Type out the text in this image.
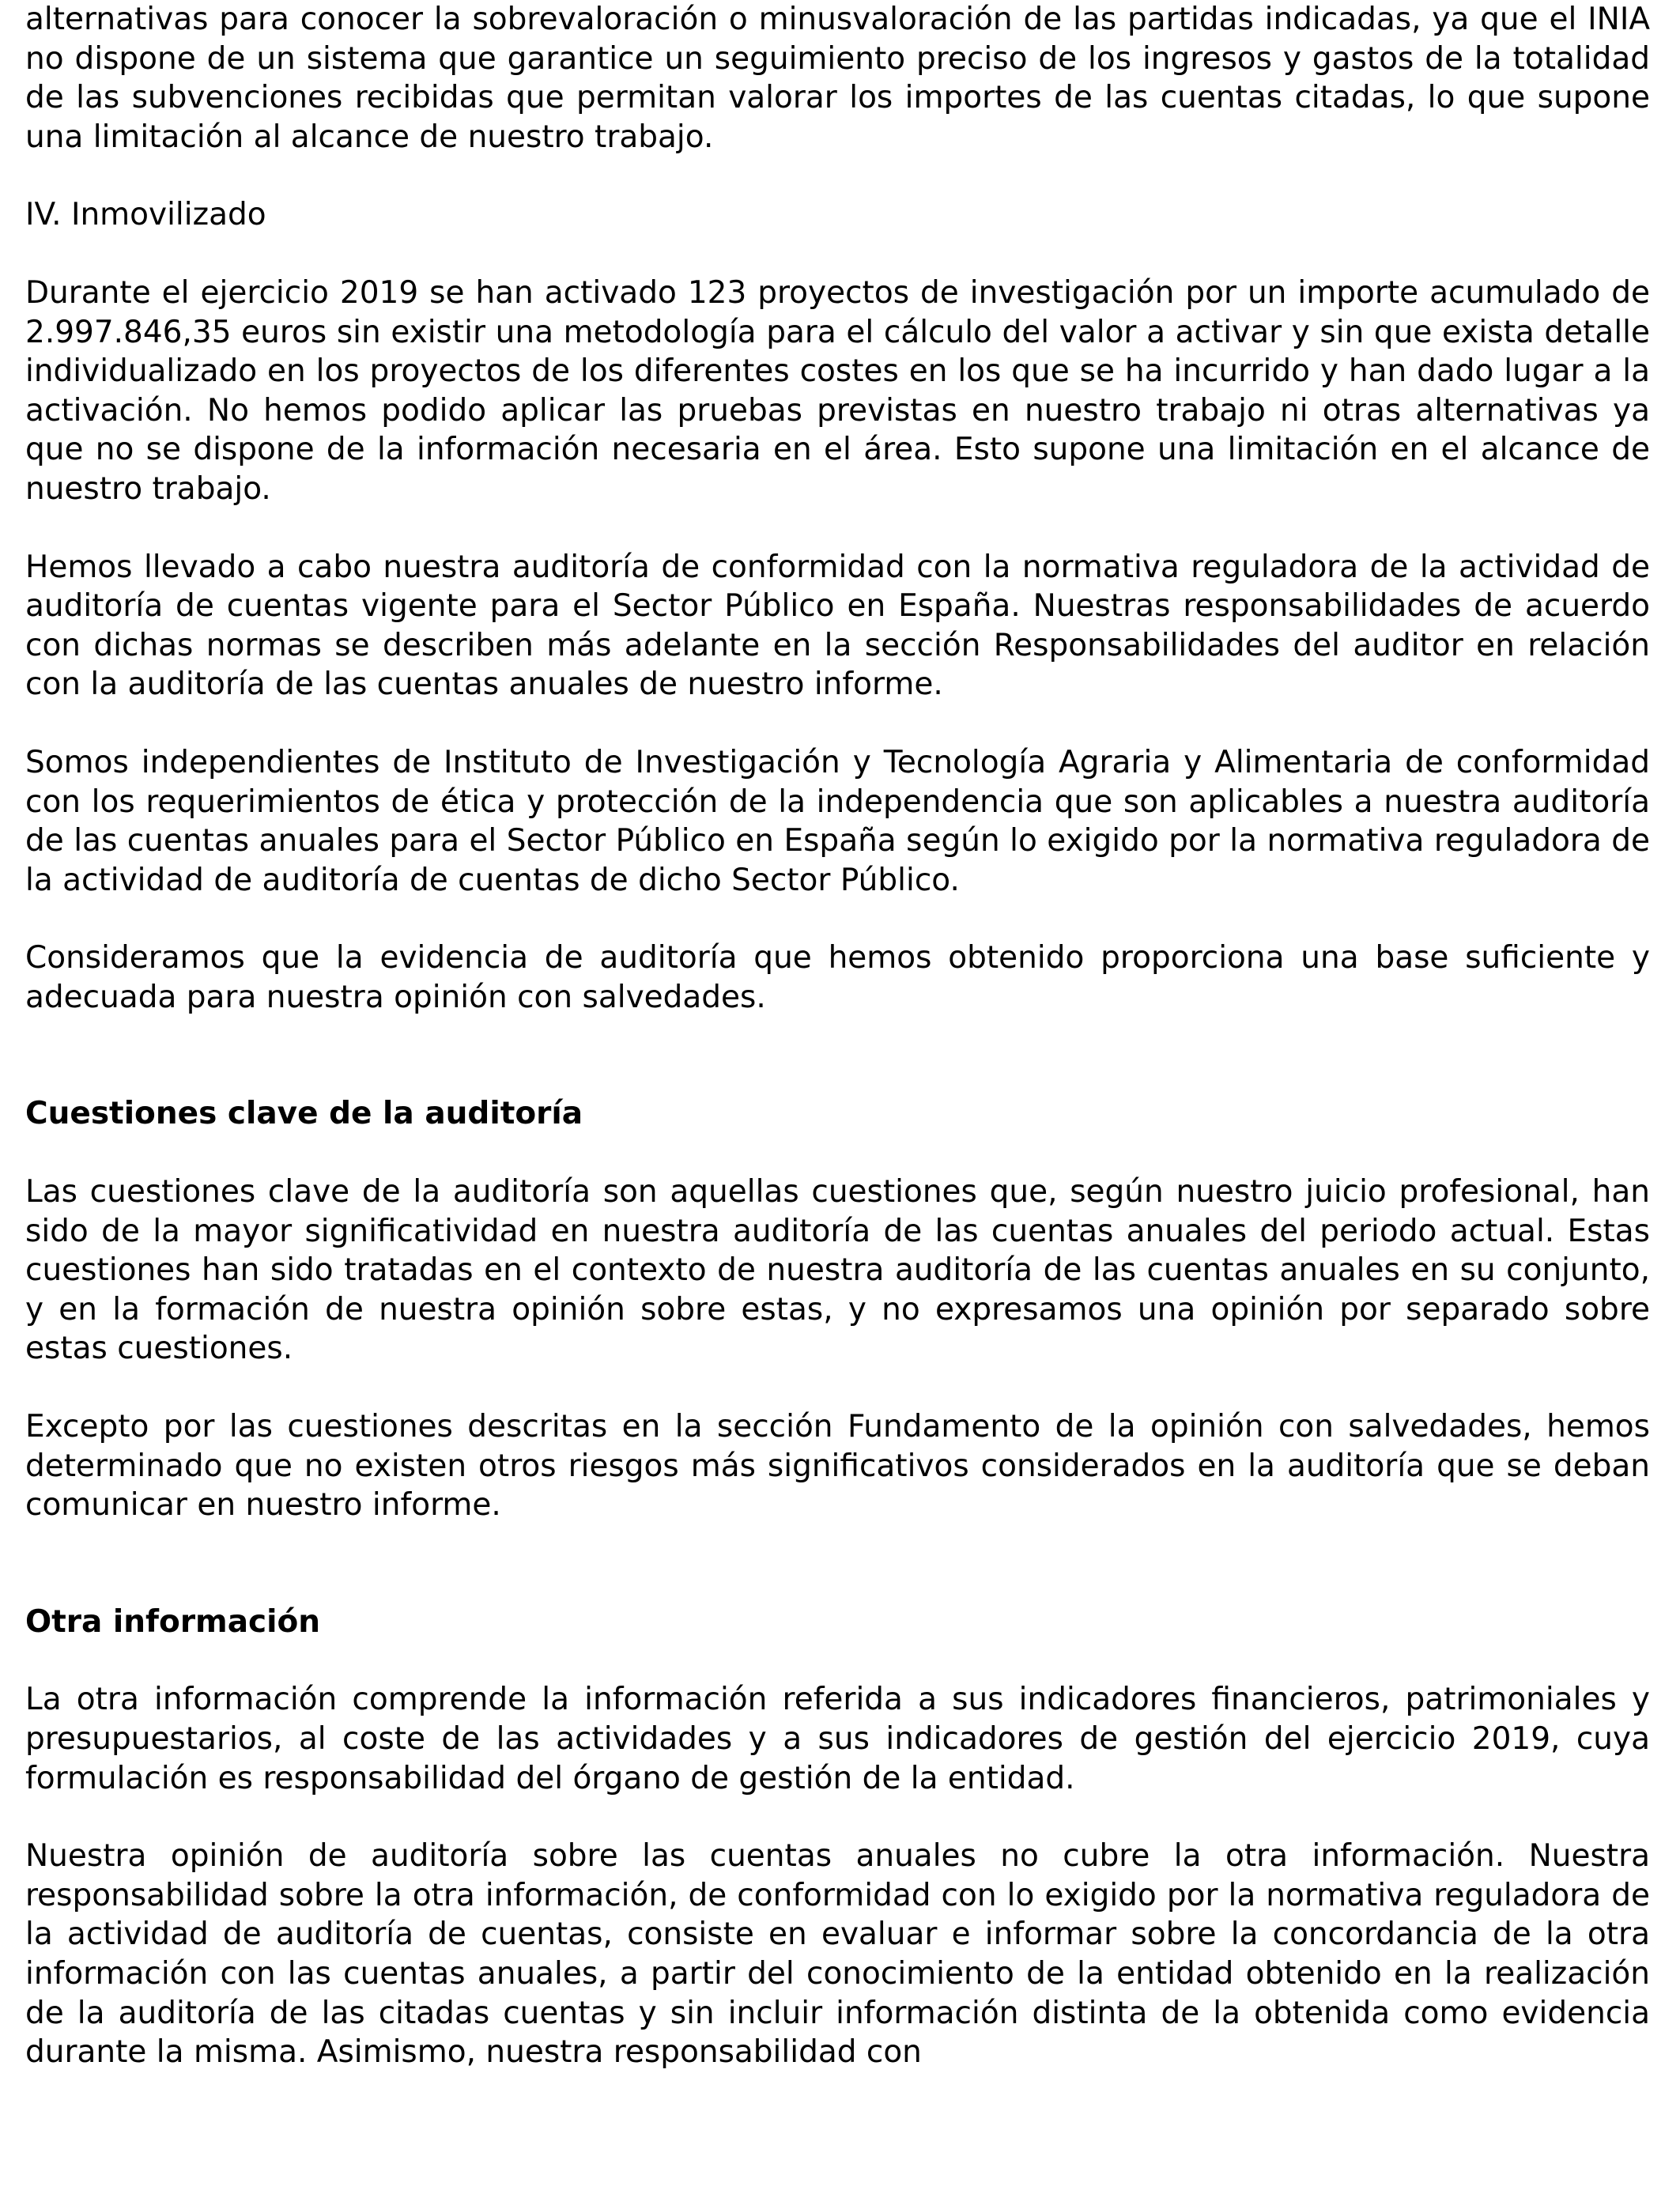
alternativas para conocer la sobrevaloración o minusvaloración de las partidas indicadas, ya que el INIA no dispone de un sistema que garantice un seguimiento preciso de los ingresos y gastos de la totalidad de las subvenciones recibidas que permitan valorar los importes de las cuentas citadas, lo que supone una limitación al alcance de nuestro trabajo.

IV. Inmovilizado

Durante el ejercicio 2019 se han activado 123 proyectos de investigación por un importe acumulado de 2.997.846,35 euros sin existir una metodología para el cálculo del valor a activar y sin que exista detalle individualizado en los proyectos de los diferentes costes en los que se ha incurrido y han dado lugar a la activación. No hemos podido aplicar las pruebas previstas en nuestro trabajo ni otras alternativas ya que no se dispone de la información necesaria en el área. Esto supone una limitación en el alcance de nuestro trabajo.

Hemos llevado a cabo nuestra auditoría de conformidad con la normativa reguladora de la actividad de auditoría de cuentas vigente para el Sector Público en España. Nuestras responsabilidades de acuerdo con dichas normas se describen más adelante en la sección Responsabilidades del auditor en relación con la auditoría de las cuentas anuales de nuestro informe.

Somos independientes de Instituto de Investigación y Tecnología Agraria y Alimentaria de conformidad con los requerimientos de ética y protección de la independencia que son aplicables a nuestra auditoría de las cuentas anuales para el Sector Público en España según lo exigido por la normativa reguladora de la actividad de auditoría de cuentas de dicho Sector Público.

Consideramos que la evidencia de auditoría que hemos obtenido proporciona una base suficiente y adecuada para nuestra opinión con salvedades.

Cuestiones clave de la auditoría

Las cuestiones clave de la auditoría son aquellas cuestiones que, según nuestro juicio profesional, han sido de la mayor significatividad en nuestra auditoría de las cuentas anuales del periodo actual. Estas cuestiones han sido tratadas en el contexto de nuestra auditoría de las cuentas anuales en su conjunto, y en la formación de nuestra opinión sobre estas, y no expresamos una opinión por separado sobre estas cuestiones.

Excepto por las cuestiones descritas en la sección Fundamento de la opinión con salvedades, hemos determinado que no existen otros riesgos más significativos considerados en la auditoría que se deban comunicar en nuestro informe.

Otra información

La otra información comprende la información referida a sus indicadores financieros, patrimoniales y presupuestarios, al coste de las actividades y a sus indicadores de gestión del ejercicio 2019, cuya formulación es responsabilidad del órgano de gestión de la entidad.

Nuestra opinión de auditoría sobre las cuentas anuales no cubre la otra información. Nuestra responsabilidad sobre la otra información, de conformidad con lo exigido por la normativa reguladora de la actividad de auditoría de cuentas, consiste en evaluar e informar sobre la concordancia de la otra información con las cuentas anuales, a partir del conocimiento de la entidad obtenido en la realización de la auditoría de las citadas cuentas y sin incluir información distinta de la obtenida como evidencia durante la misma. Asimismo, nuestra responsabilidad con
